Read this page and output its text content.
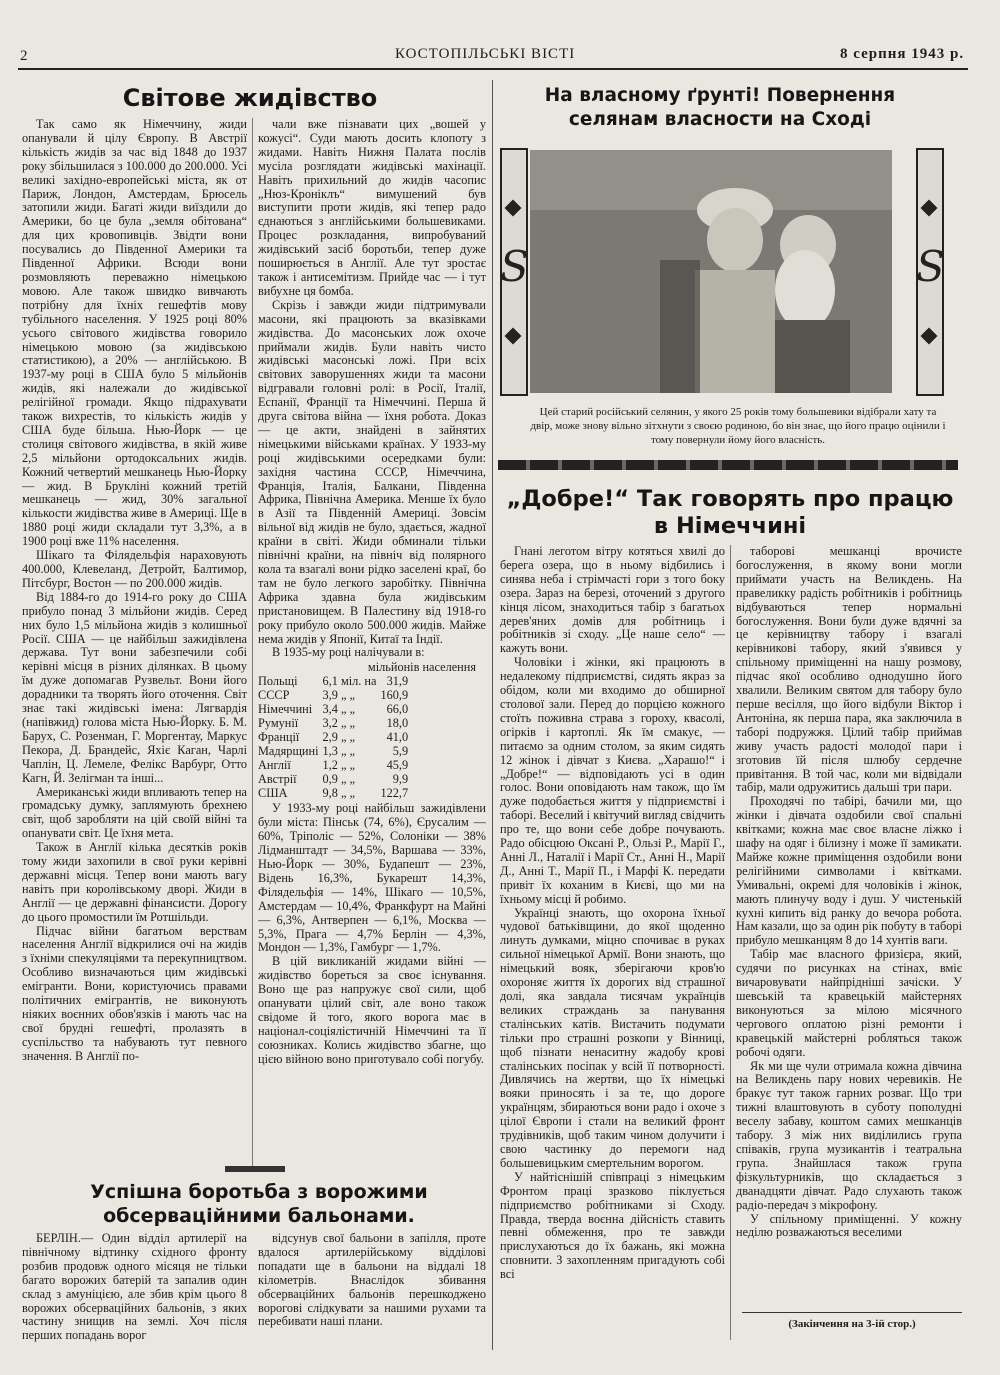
2	КОСТОПІЛЬСЬКІ ВІСТІ	8 серпня 1943 р.
Світове жидівство

Так само як Німеччину, жиди опанували й цілу Європу. В Австрії кількість жидів за час від 1848 до 1937 року збільшилася з 100.000 до 200.000. Усі великі західно-европейські міста, як от Париж, Лондон, Амстердам, Брюсель затопили жиди. Багаті жиди виїздили до Америки, бо це була „земля обітована“ для цих кровопивців. Звідти вони посувались до Південної Америки та Південної Африки. Всюди вони розмовляють переважно німецькою мовою. Але також швидко вивчають потрібну для їхніх гешефтів мову тубільного населення. У 1925 році 80% усього світового жидівства говорило німецькою мовою (за жидівською статистикою), а 20% — англійською. В 1937-му році в США було 5 мільйонів жидів, які належали до жидівської релігійної громади. Якщо підрахувати також вихрестів, то кількість жидів у США буде більша. Нью-Йорк — це столиця світового жидівства, в якій живе 2,5 мільйони ортодоксальних жидів. Кожний четвертий мешканець Нью-Йорку — жид. В Брукліні кожний третій мешканець — жид, 30% загальної кількости жидівства живе в Америці. Ще в 1880 році жиди складали тут 3,3%, а в 1900 році вже 11% населення.

Шікаго та Філядельфія нараховують 400.000, Клевеланд, Детройт, Балтимор, Пітсбург, Востон — по 200.000 жидів.

Від 1884-го до 1914-го року до США прибуло понад 3 мільйони жидів. Серед них було 1,5 мільйона жидів з колишньої Росії. США — це найбільш зажидівлена держава. Тут вони забезпечили собі керівні місця в різних ділянках. В цьому їм дуже допомагав Рузвельт. Вони його дорадники та творять його оточення. Світ знає такі жидівські імена: Лягвардія (напівжид) голова міста Нью-Йорку. Б. М. Барух, С. Розенман, Г. Моргентау, Маркус Пекора, Д. Брандейс, Яхіє Каган, Чарлі Чаплін, Ц. Лемеле, Фелікс Варбург, Отто Кагн, Й. Зелігман та інші...

Американські жиди впливають тепер на громадську думку, заплямують брехнею світ, щоб заробляти на цій своїй війні та опанувати світ. Це їхня мета.

Також в Англії кілька десятків років тому жиди захопили в свої руки керівні державні місця. Тепер вони мають вагу навіть при королівському дворі. Жиди в Англії — це державні фінансисти. Дорогу до цього промостили їм Ротшільди.

Підчас війни багатьом верствам населення Англії відкрилися очі на жидів з їхніми спекуляціями та перекупництвом. Особливо визначаються цим жидівські емігранти. Вони, користуючись правами політичних емігрантів, не виконують ніяких воєнних обов'язків і мають час на свої брудні гешефті, пролазять в суспільство та набувають тут певного значення. В Англії по-

чали вже пізнавати цих „вошей у кожусі“. Суди мають досить клопоту з жидами. Навіть Нижня Палата послів мусіла розглядати жидівські махінації. Навіть прихильний до жидів часопис „Нюз-Кроніклъ“ вимушений був виступити проти жидів, які тепер радо єднаються з англійськими большевиками. Процес розкладання, випробуваний жидівський засіб боротьби, тепер дуже поширюється в Англії. Але тут зростає також і антисемітизм. Прийде час — і тут вибухне ця бомба.

Скрізь і завжди жиди підтримували масони, які працюють за вказівками жидівства. До масонських лож охоче приймали жидів. Були навіть чисто жидівські масонські ложі. При всіх світових заворушеннях жиди та масони відгравали головні ролі: в Росії, Італії, Еспанії, Франції та Німеччині. Перша й друга світова війна — їхня робота. Доказ — це акти, знайдені в зайнятих німецькими військами країнах. У 1933-му році жидівськими осередками були: західня частина СССР, Німеччина, Франція, Італія, Балкани, Південна Африка, Північна Америка. Менше їх було в Азії та Південній Америці. Зовсім вільної від жидів не було, здається, жадної країни в світі. Жиди обминали тільки північні країни, на північ від полярного кола та взагалі вони рідко заселені краї, бо там не було легкого заробітку. Північна Африка здавна була жидівським пристановищем. В Палестину від 1918-го року прибуло около 500.000 жидів. Майже нема жидів у Японії, Китаї та Індії.

В 1935-му році налічували в:

мільйонів населення
Польщі	6,1 міл. на	31,9
СССР	3,9 „ „	160,9
Німеччині	3,4 „ „	66,0
Румунії	3,2 „ „	18,0
Франції	2,9 „ „	41,0
Мадярщині	1,3 „ „	5,9
Англії	1,2 „ „	45,9
Австрії	0,9 „ „	9,9
США	9,8 „ „	122,7

У 1933-му році найбільш зажидівлени були міста: Пінськ (74, 6%), Єрусалим — 60%, Тріполіс — 52%, Солоніки — 38% Лідманштадт — 34,5%, Варшава — 33%, Нью-Йорк — 30%, Будапешт — 23%, Відень 16,3%, Букарешт 14,3%, Філядельфія — 14%, Шікаго — 10,5%, Амстердам — 10,4%, Франкфурт на Майні — 6,3%, Антверпен — 6,1%, Москва — 5,3%, Прага — 4,7% Берлін — 4,3%, Мондон — 1,3%, Гамбург — 1,7%.

В цій викликаній жидами війні — жидівство бореться за своє існування. Воно ще раз напружує свої сили, щоб опанувати цілий світ, але воно також свідоме й того, якого ворога має в націонал-соціялістичній Німеччині та її союзниках. Колись жидівство збагне, що цією війною воно приготувало собі погубу.

Успішна боротьба з ворожими обсерваційними бальонами.

БЕРЛІН.— Один відділ артилерії на північному відтинку східного фронту розбив продовж одного місяця не тільки багато ворожих батерій та запалив один склад з амуніцією, але збив крім цього 8 ворожих обсерваційних бальонів, з яких частину знищив на землі. Хоч після перших попадань ворог

відсунув свої бальони в запілля, проте вдалося артилерійському відділові попадати ще в бальони на віддалі 18 кілометрів. Внаслідок збивання обсерваційних бальонів перешкоджено ворогові слідкувати за нашими рухами та перебивати наші плани.

На власному ґрунті! Повернення селянам власности на Сході
S	S
Цей старий російський селянин, у якого 25 років тому большевики відібрали хату та двір, може знову вільно зітхнути з своєю родиною, бо він знає, що його працю оцінили і тому повернули йому його власність.
„Добре!“ Так говорять про працю в Німеччині

Гнані леготом вітру котяться хвилі до берега озера, що в ньому відбились і синява неба і стрімчасті гори з того боку озера. Зараз на березі, оточений з другого кінця лісом, знаходиться табір з багатьох дерев'яних домів для робітниць і робітників зі сходу. „Це наше село“ — кажуть вони.

Чоловіки і жінки, які працюють в недалекому підприємстві, сидять якраз за обідом, коли ми входимо до обширної столової зали. Перед до порцією кожного стоїть поживна страва з гороху, квасолі, огірків і картоплі. Як їм смакує, — питаємо за одним столом, за яким сидять 12 жінок і дівчат з Києва. „Харашо!“ і „Добре!“ — відповідають усі в один голос. Вони оповідають нам також, що їм дуже подобається життя у підприємстві і таборі. Веселий і квітучий вигляд свідчить про те, що вони себе добре почувають. Радо обісцюю Оксані Р., Ользі Р., Марії Г., Анні Л., Наталії і Марії Ст., Анні Н., Марії Д., Анні Т., Марії П., і Марфі К. передати привіт їх коханим в Києві, що ми на їхньому місці й робимо.

Українці знають, що охорона їхньої чудової батьківщини, до якої щоденно линуть думками, міцно спочиває в руках сильної німецької Армії. Вони знають, що німецький вояк, зберігаючи кров'ю охороняє життя їх дорогих від страшної долі, яка завдала тисячам українців великих страждань за панування сталінських катів. Вистачить подумати тільки про страшні розкопи у Вінниці, щоб пізнати ненаситну жадобу крові сталінських посіпак у всій її потворності. Дивлячись на жертви, що їх німецькі вояки приносять і за те, що дороге українцям, збираються вони радо і охоче з цілої Європи і стали на великий фронт трудівників, щоб таким чином долучити і свою частинку до перемоги над большевицьким смертельним ворогом.

У найтіснішій співпраці з німецьким Фронтом праці зразково піклується підприємство робітниками зі Сходу. Правда, тверда воєнна дійсність ставить певні обмеження, про те завжди прислухаються до їх бажань, які можна сповнити. З захопленням пригадують собі всі

таборові мешканці врочисте богослуження, в якому вони могли приймати участь на Великдень. На правеликку радість робітників і робітниць відбуваються тепер нормальні богослуження. Вони були дуже вдячні за це керівництву табору і взагалі керівникові табору, який з'явився у спільному приміщенні на нашу розмову, підчас якої особливо однодушно його хвалили. Великим святом для табору було перше весілля, що його відбули Віктор і Антоніна, як перша пара, яка заключила в таборі подружжя. Цілий табір приймав живу участь радості молодої пари і зготовив їй після шлюбу сердечне привітання. В той час, коли ми відвідали табір, мали одружитись дальші три пари.

Проходячі по табірі, бачили ми, що жінки і дівчата оздобили свої спальні квітками; кожна має своє власне ліжко і шафу на одяг і білизну і може її замикати. Майже кожне приміщення оздобили вони релігійними символами і квітками. Умивальні, окремі для чоловіків і жінок, мають плинучу воду і душ. У чистенькій кухні кипить від ранку до вечора робота. Нам казали, що за один рік побуту в таборі прибуло мешканцям 8 до 14 хунтів ваги.

Табір має власного фризієра, який, судячи по рисунках на стінах, вміє вичаровувати найпрідніші зачіски. У шевській та кравецькій майстернях виконуються за мілою місячного чергового оплатою різні ремонти і кравецькій майстерні робляться також робочі одяги.

Як ми ще чули отримала кожна дівчина на Великдень пару нових черевиків. Не бракує тут також гарних розваг. Що три тижні влаштовують в суботу пополудні веселу забаву, коштом самих мешканців табору. З між них виділились група співаків, група музикантів і театральна група. Знайшлася також група фізкультурників, що складається з дванадцяти дівчат. Радо слухають також радіо-передач з мікрофону.

У спільному приміщенні. У кожну неділю розважаються веселими

(Закінчення на 3-ій стор.)
